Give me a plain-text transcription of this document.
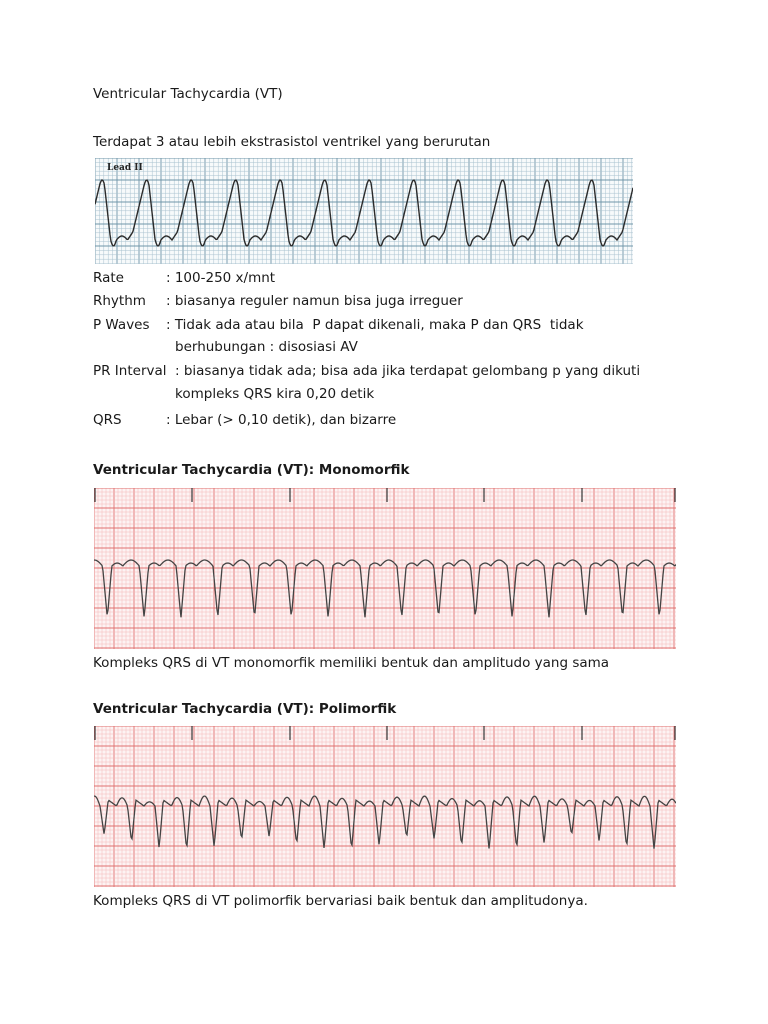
Ventricular Tachycardia (VT)
Terdapat 3 atau lebih ekstrasistol ventrikel yang berurutan
Lead II
Rate	: 100-250 x/mnt
Rhythm : biasanya reguler namun bisa juga irreguer
P Waves : Tidak ada atau bila  P dapat dikenali, maka P dan QRS  tidak
berhubungan : disosiasi AV
PR Interval : biasanya tidak ada; bisa ada jika terdapat gelombang p yang dikuti
kompleks QRS kira 0,20 detik
QRS	: Lebar (> 0,10 detik), dan bizarre
Ventricular Tachycardia (VT): Monomorfik
Kompleks QRS di VT monomorfik memiliki bentuk dan amplitudo yang sama
Ventricular Tachycardia (VT): Polimorfik
Kompleks QRS di VT polimorfik bervariasi baik bentuk dan amplitudonya.
